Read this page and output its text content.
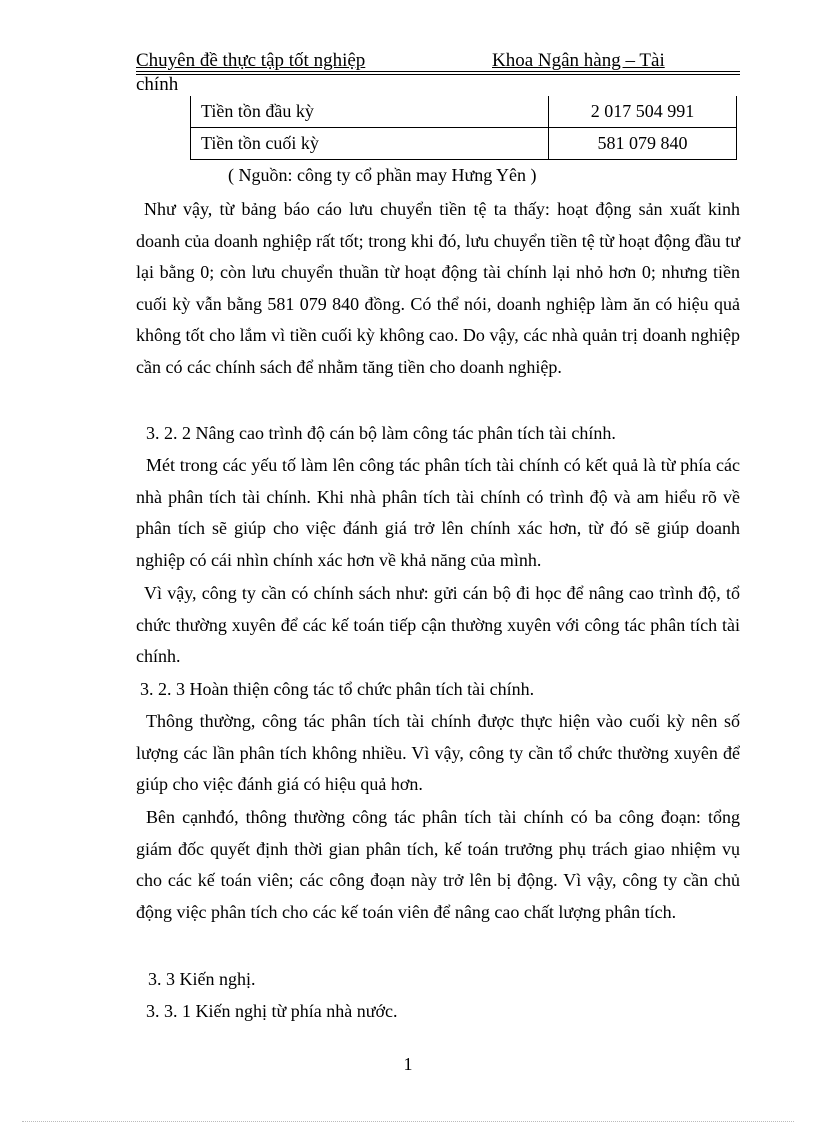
Chuyên đề thực tập tốt nghiệp	Khoa Ngân hàng – Tài
chính
Tiền tồn đầu kỳ	2 017 504 991
Tiền tồn cuối kỳ	581 079 840
( Nguồn: công ty cổ phần may Hưng Yên )

Như vậy, từ bảng báo cáo lưu chuyển tiền tệ ta thấy: hoạt động sản xuất kinh doanh của doanh nghiệp rất tốt; trong khi đó, lưu chuyển tiền tệ từ hoạt động đầu tư lại bằng 0; còn lưu chuyển thuần từ hoạt động tài chính lại nhỏ hơn 0; nhưng tiền cuối kỳ vẫn bằng 581 079 840 đồng. Có thể nói, doanh nghiệp làm ăn có hiệu quả không tốt cho lắm vì tiền cuối kỳ không cao. Do vậy, các nhà quản trị doanh nghiệp cần có các chính sách để nhằm tăng tiền cho doanh nghiệp.

3. 2. 2 Nâng cao trình độ cán bộ làm công tác phân tích tài chính.

Mét trong các yếu tố làm lên công tác phân tích tài chính có kết quả là từ phía các nhà phân tích tài chính. Khi nhà phân tích tài chính có trình độ và am hiểu rõ về phân tích sẽ giúp cho việc đánh giá trở lên chính xác hơn, từ đó sẽ giúp doanh nghiệp có cái nhìn chính xác hơn về khả năng của mình.

Vì vậy, công ty cần có chính sách như: gửi cán bộ đi học để nâng cao trình độ, tổ chức thường xuyên để các kế toán tiếp cận thường xuyên với công tác phân tích tài chính.

3. 2. 3 Hoàn thiện công tác tổ chức phân tích tài chính.

Thông thường, công tác phân tích tài chính được thực hiện vào cuối kỳ nên số lượng các lần phân tích không nhiều. Vì vậy, công ty cần tổ chức thường xuyên để giúp cho việc đánh giá có hiệu quả hơn.

Bên cạnhđó, thông thường công tác phân tích tài chính có ba công đoạn: tổng giám đốc quyết định thời gian phân tích, kế toán trưởng phụ trách giao nhiệm vụ cho các kế toán viên; các công đoạn này trở lên bị động. Vì vậy, công ty cần chủ động việc phân tích cho các kế toán viên để nâng cao chất lượng phân tích.

3. 3 Kiến nghị.

3. 3. 1 Kiến nghị từ phía nhà nước.

1
